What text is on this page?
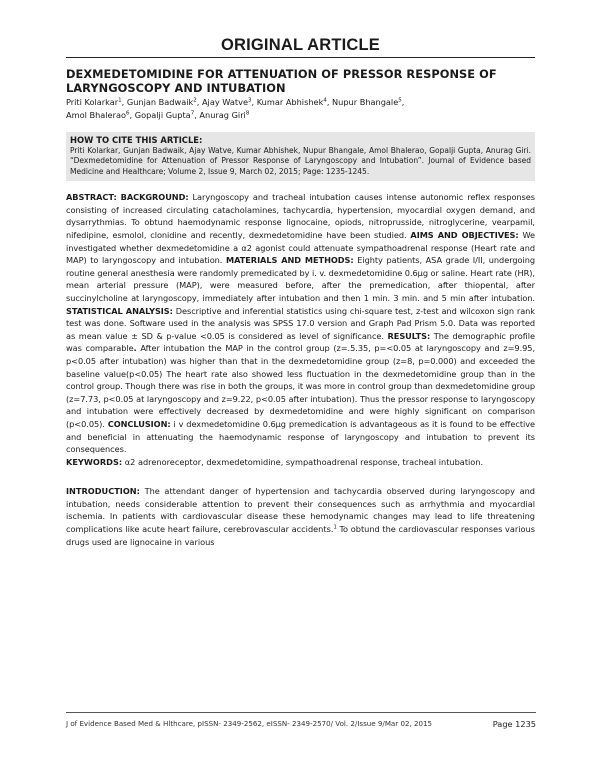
ORIGINAL ARTICLE
DEXMEDETOMIDINE FOR ATTENUATION OF PRESSOR RESPONSE OF LARYNGOSCOPY AND INTUBATION
Priti Kolarkar$^1$, Gunjan Badwaik$^2$, Ajay Watve$^3$, Kumar Abhishek$^4$, Nupur Bhangale$^5$,
Amol Bhalerao$^6$, Gopalji Gupta$^7$, Anurag Giri$^8$
HOW TO CITE THIS ARTICLE:
Priti Kolarkar, Gunjan Badwaik, Ajay Watve, Kumar Abhishek, Nupur Bhangale, Amol Bhalerao, Gopalji Gupta, Anurag Giri. “Dexmedetomidine for Attenuation of Pressor Response of Laryngoscopy and Intubation”. Journal of Evidence based Medicine and Healthcare; Volume 2, Issue 9, March 02, 2015; Page: 1235-1245.

ABSTRACT: BACKGROUND: Laryngoscopy and tracheal intubation causes intense autonomic reflex responses consisting of increased circulating catacholamines, tachycardia, hypertension, myocardial oxygen demand, and dysarrythmias. To obtund haemodynamic response lignocaine, opiods, nitroprusside, nitroglycerine, vearpamil, nifedipine, esmolol, clonidine and recently, dexmedetomidine have been studied. AIMS AND OBJECTIVES: We investigated whether dexmedetomidine a α2 agonist could attenuate sympathoadrenal response (Heart rate and MAP) to laryngoscopy and intubation. MATERIALS AND METHODS: Eighty patients, ASA grade I/II, undergoing routine general anesthesia were randomly premedicated by i. v. dexmedetomidine 0.6µg or saline. Heart rate (HR), mean arterial pressure (MAP), were measured before, after the premedication, after thiopental, after succinylcholine at laryngoscopy, immediately after intubation and then 1 min. 3 min. and 5 min after intubation. STATISTICAL ANALYSIS: Descriptive and inferential statistics using chi-square test, z-test and wilcoxon sign rank test was done. Software used in the analysis was SPSS 17.0 version and Graph Pad Prism 5.0. Data was reported as mean value ± SD & p-value <0.05 is considered as level of significance. RESULTS: The demographic profile was comparable. After intubation the MAP in the control group (z=.5.35, p=<0.05 at laryngoscopy and z=9.95, p<0.05 after intubation) was higher than that in the dexmedetomidine group (z=8, p=0.000) and exceeded the baseline value(p<0.05) The heart rate also showed less fluctuation in the dexmedetomidine group than in the control group. Though there was rise in both the groups, it was more in control group than dexmedetomidine group (z=7.73, p<0.05 at laryngoscopy and z=9.22, p<0.05 after intubation). Thus the pressor response to laryngoscopy and intubation were effectively decreased by dexmedetomidine and were highly significant on comparison (p<0.05). CONCLUSION: i v dexmedetomidine 0.6µg premedication is advantageous as it is found to be effective and beneficial in attenuating the haemodynamic response of laryngoscopy and intubation to prevent its consequences.

KEYWORDS: α2 adrenoreceptor, dexmedetomidine, sympathoadrenal response, tracheal intubation.

INTRODUCTION: The attendant danger of hypertension and tachycardia observed during laryngoscopy and intubation, needs considerable attention to prevent their consequences such as arrhythmia and myocardial ischemia. In patients with cardiovascular disease these hemodynamic changes may lead to life threatening complications like acute heart failure, cerebrovascular accidents.$^1$ To obtund the cardiovascular responses various drugs used are lignocaine in various

J of Evidence Based Med & Hlthcare, pISSN- 2349-2562, eISSN- 2349-2570/ Vol. 2/Issue 9/Mar 02, 2015	Page 1235
